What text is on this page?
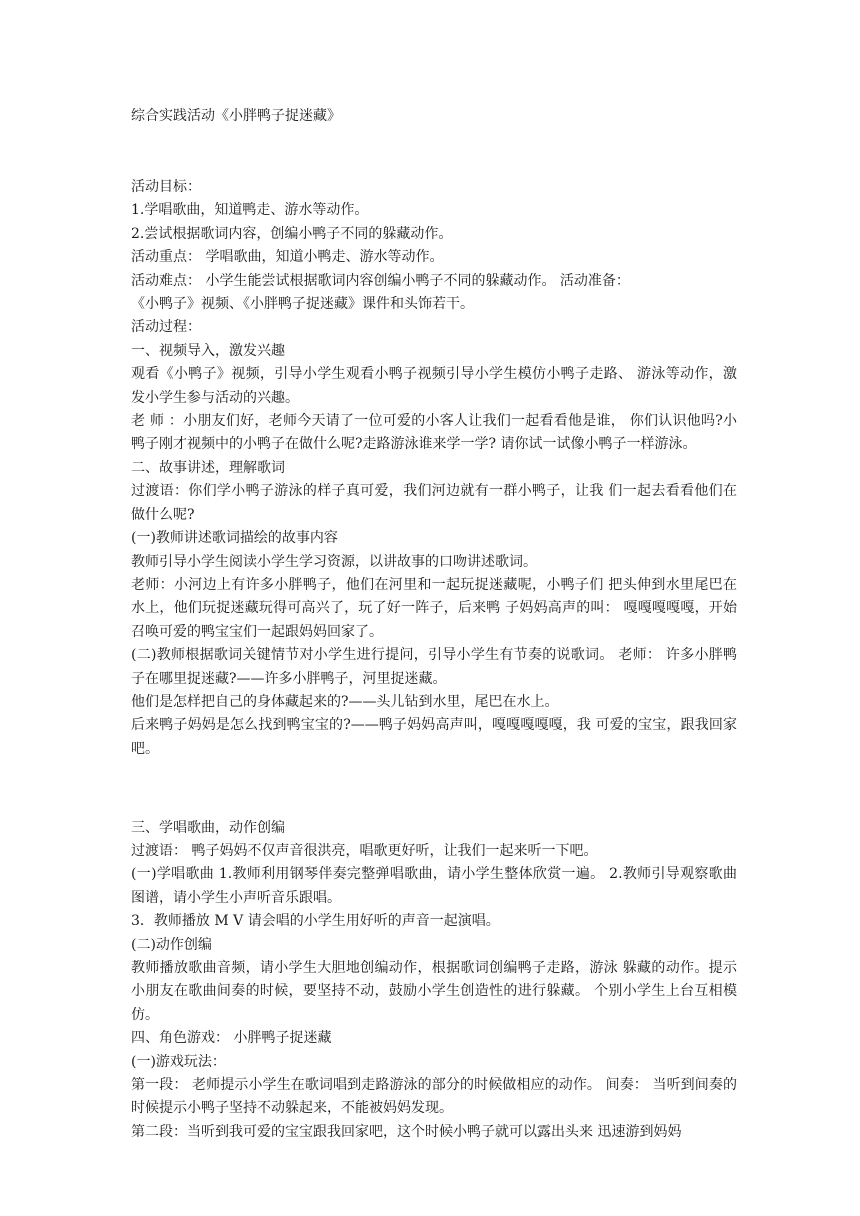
综合实践活动《小胖鸭子捉迷藏》

活动目标：

1.学唱歌曲，知道鸭走、游水等动作。

2.尝试根据歌词内容，创编小鸭子不同的躲藏动作。

活动重点： 学唱歌曲，知道小鸭走、游水等动作。

活动难点： 小学生能尝试根据歌词内容创编小鸭子不同的躲藏动作。 活动准备：

《小鸭子》视频、《小胖鸭子捉迷藏》课件和头饰若干。

活动过程：

一、视频导入，激发兴趣

观看《小鸭子》视频，引导小学生观看小鸭子视频引导小学生模仿小鸭子走路、 游泳等动作，激发小学生参与活动的兴趣。

老 师 ：小朋友们好，老师今天请了一位可爱的小客人让我们一起看看他是谁， 你们认识他吗?小鸭子刚才视频中的小鸭子在做什么呢?走路游泳谁来学一学? 请你试一试像小鸭子一样游泳。

二、故事讲述，理解歌词

过渡语：你们学小鸭子游泳的样子真可爱，我们河边就有一群小鸭子，让我 们一起去看看他们在做什么呢?

(一)教师讲述歌词描绘的故事内容

教师引导小学生阅读小学生学习资源，以讲故事的口吻讲述歌词。

老师：小河边上有许多小胖鸭子，他们在河里和一起玩捉迷藏呢，小鸭子们 把头伸到水里尾巴在水上，他们玩捉迷藏玩得可高兴了，玩了好一阵子，后来鸭 子妈妈高声的叫： 嘎嘎嘎嘎嘎，开始召唤可爱的鸭宝宝们一起跟妈妈回家了。

(二)教师根据歌词关键情节对小学生进行提问，引导小学生有节奏的说歌词。 老师： 许多小胖鸭子在哪里捉迷藏?——许多小胖鸭子，河里捉迷藏。

他们是怎样把自己的身体藏起来的?——头儿钻到水里，尾巴在水上。

后来鸭子妈妈是怎么找到鸭宝宝的?——鸭子妈妈高声叫，嘎嘎嘎嘎嘎，我 可爱的宝宝，跟我回家吧。

三、学唱歌曲，动作创编

过渡语： 鸭子妈妈不仅声音很洪亮，唱歌更好听，让我们一起来听一下吧。

(一)学唱歌曲 1.教师利用钢琴伴奏完整弹唱歌曲，请小学生整体欣赏一遍。 2.教师引导观察歌曲图谱，请小学生小声听音乐跟唱。

3．教师播放 M V 请会唱的小学生用好听的声音一起演唱。

(二)动作创编

教师播放歌曲音频，请小学生大胆地创编动作，根据歌词创编鸭子走路，游泳 躲藏的动作。提示小朋友在歌曲间奏的时候，要坚持不动，鼓励小学生创造性的进行躲藏。 个别小学生上台互相模仿。

四、角色游戏： 小胖鸭子捉迷藏

(一)游戏玩法：

第一段： 老师提示小学生在歌词唱到走路游泳的部分的时候做相应的动作。 间奏： 当听到间奏的时候提示小鸭子坚持不动躲起来，不能被妈妈发现。

第二段：当听到我可爱的宝宝跟我回家吧，这个时候小鸭子就可以露出头来 迅速游到妈妈
